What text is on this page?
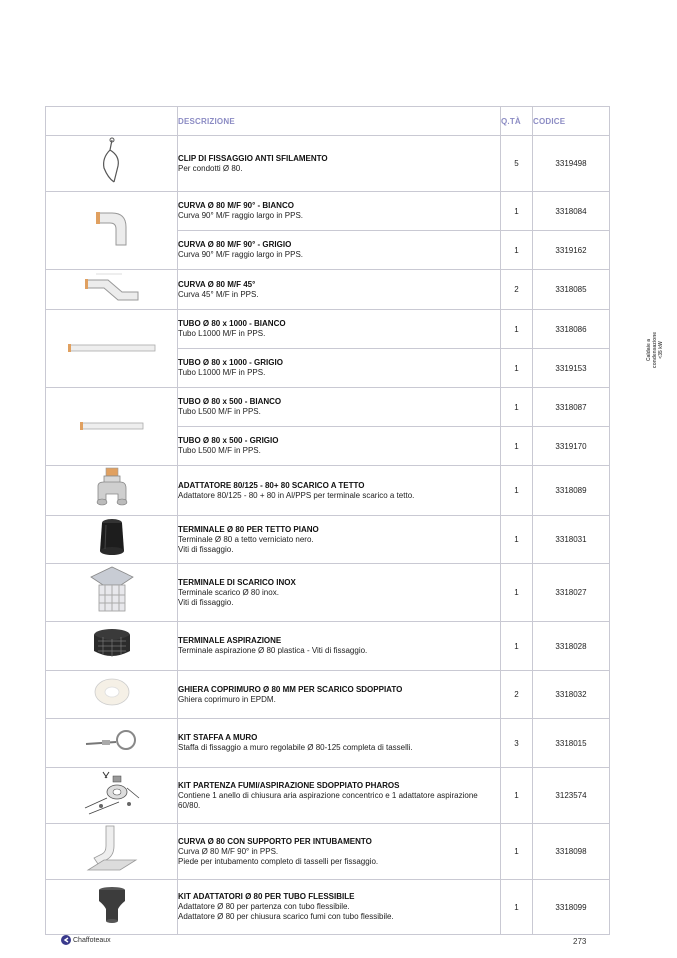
	DESCRIZIONE	Q.TÀ	CODICE

CLIP DI FISSAGGIO ANTI SFILAMENTO
Per condotti Ø 80.	5	3319498

CURVA Ø 80 M/F 90° - BIANCO
Curva 90° M/F raggio largo in PPS.	1	3318084

	CURVA Ø 80 M/F 90° - GRIGIO
Curva 90° M/F raggio largo in PPS.	1	3319162

CURVA Ø 80 M/F 45°
Curva 45° M/F in PPS.	2	3318085

TUBO Ø 80 x 1000 - BIANCO
Tubo L1000 M/F in PPS.	1	3318086

	TUBO Ø 80 x 1000 - GRIGIO
Tubo L1000 M/F in PPS.	1	3319153

TUBO Ø 80 x 500 - BIANCO
Tubo L500 M/F in PPS.	1	3318087

	TUBO Ø 80 x 500 - GRIGIO
Tubo L500 M/F in PPS.	1	3319170

ADATTATORE 80/125 - 80+ 80 SCARICO A TETTO
Adattatore 80/125 - 80 + 80 in Al/PPS per terminale scarico a tetto.	1	3318089

TERMINALE Ø 80 PER TETTO PIANO
Terminale Ø 80 a tetto verniciato nero.
Viti di fissaggio.	1	3318031

TERMINALE DI SCARICO INOX
Terminale scarico Ø 80 inox.
Viti di fissaggio.	1	3318027

TERMINALE ASPIRAZIONE
Terminale aspirazione Ø 80 plastica - Viti di fissaggio.	1	3318028

GHIERA COPRIMURO Ø 80 MM PER SCARICO SDOPPIATO
Ghiera coprimuro in EPDM.	2	3318032

KIT STAFFA A MURO
Staffa di fissaggio a muro regolabile Ø 80-125 completa di tasselli.	3	3318015

KIT PARTENZA FUMI/ASPIRAZIONE SDOPPIATO PHAROS
Contiene 1 anello di chiusura aria aspirazione concentrico e 1 adattatore aspirazione 60/80.	1	3123574

CURVA Ø 80 CON SUPPORTO PER INTUBAMENTO
Curva Ø 80 M/F 90° in PPS.
Piede per intubamento completo di tasselli per fissaggio.	1	3318098

KIT ADATTATORI Ø 80 PER TUBO FLESSIBILE
Adattatore Ø 80 per partenza con tubo flessibile.
Adattatore Ø 80 per chiusura scarico fumi con tubo flessibile.	1	3318099
Caldaie a condensazione <35 kW
Chaffoteaux	273
